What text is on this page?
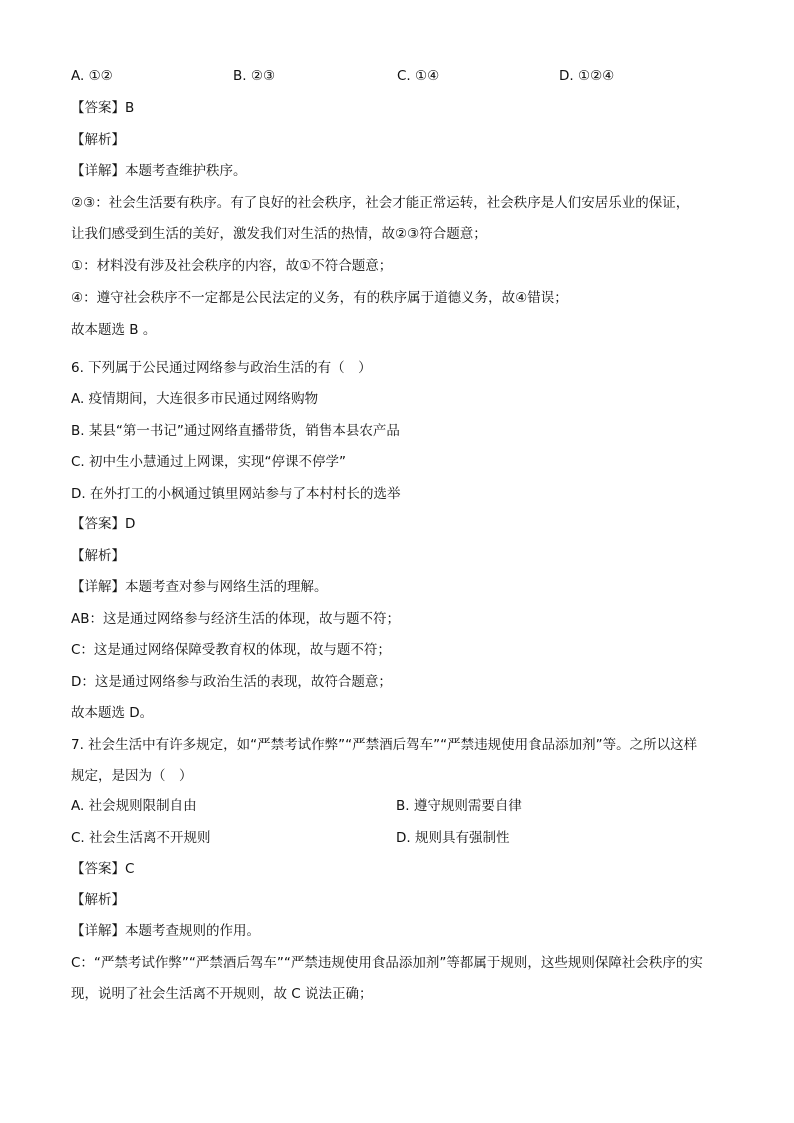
A. ①②	B. ②③	C. ①④	D. ①②④
【答案】B
【解析】
【详解】本题考查维护秩序。
②③：社会生活要有秩序。有了良好的社会秩序，社会才能正常运转，社会秩序是人们安居乐业的保证，
让我们感受到生活的美好，激发我们对生活的热情，故②③符合题意；
①：材料没有涉及社会秩序的内容，故①不符合题意；
④：遵守社会秩序不一定都是公民法定的义务，有的秩序属于道德义务，故④错误；
故本题选 B 。
6. 下列属于公民通过网络参与政治生活的有（　）
A. 疫情期间，大连很多市民通过网络购物
B. 某县“第一书记”通过网络直播带货，销售本县农产品
C. 初中生小慧通过上网课，实现“停课不停学”
D. 在外打工的小枫通过镇里网站参与了本村村长的选举
【答案】D
【解析】
【详解】本题考查对参与网络生活的理解。
AB：这是通过网络参与经济生活的体现，故与题不符；
C：这是通过网络保障受教育权的体现，故与题不符；
D：这是通过网络参与政治生活的表现，故符合题意；
故本题选 D。
7. 社会生活中有许多规定，如“严禁考试作弊”“严禁酒后驾车”“严禁违规使用食品添加剂”等。之所以这样
规定，是因为（　）
A. 社会规则限制自由	B. 遵守规则需要自律
C. 社会生活离不开规则	D. 规则具有强制性
【答案】C
【解析】
【详解】本题考查规则的作用。
C：“严禁考试作弊”“严禁酒后驾车”“严禁违规使用食品添加剂”等都属于规则，这些规则保障社会秩序的实
现，说明了社会生活离不开规则，故 C 说法正确；
